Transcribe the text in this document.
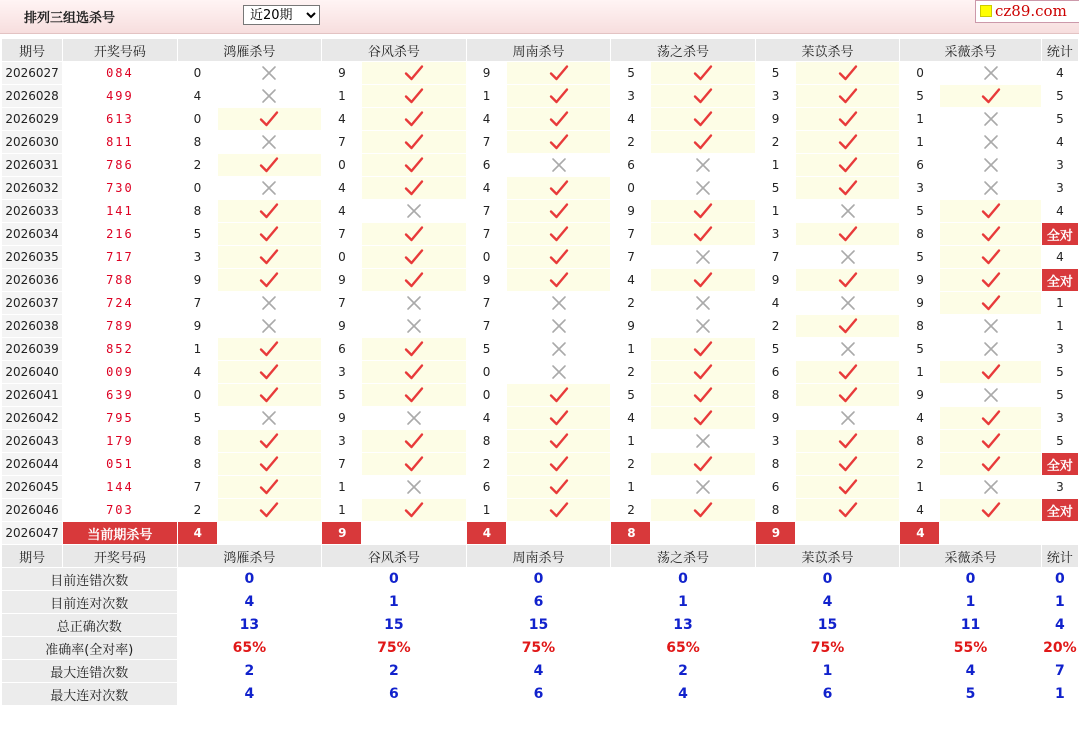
排列三组选杀号
近20期	cz89.com
期号	开奖号码	鸿雁杀号		谷风杀号		周南杀号		荡之杀号		苿苡杀号		采薇杀号		统计
2026027	084	0		9		9		5		5		0		4
2026028	499	4		1		1		3		3		5		5
2026029	613	0		4		4		4		9		1		5
2026030	811	8		7		7		2		2		1		4
2026031	786	2		0		6		6		1		6		3
2026032	730	0		4		4		0		5		3		3
2026033	141	8		4		7		9		1		5		4
2026034	216	5		7		7		7		3		8		全对
2026035	717	3		0		0		7		7		5		4
2026036	788	9		9		9		4		9		9		全对
2026037	724	7		7		7		2		4		9		1
2026038	789	9		9		7		9		2		8		1
2026039	852	1		6		5		1		5		5		3
2026040	009	4		3		0		2		6		1		5
2026041	639	0		5		0		5		8		9		5
2026042	795	5		9		4		4		9		4		3
2026043	179	8		3		8		1		3		8		5
2026044	051	8		7		2		2		8		2		全对
2026045	144	7		1		6		1		6		1		3
2026046	703	2		1		1		2		8		4		全对
2026047	当前期杀号	4		9		4		8		9		4		
期号	开奖号码	鸿雁杀号		谷风杀号		周南杀号		荡之杀号		苿苡杀号		采薇杀号		统计
目前连错次数		0		0		0		0		0		0		0
目前连对次数		4		1		6		1		4		1		1
总正确次数		13		15		15		13		15		11		4
准确率(全对率)		65%		75%		75%		65%		75%		55%		20%
最大连错次数		2		2		4		2		1		4		7
最大连对次数		4		6		6		4		6		5		1
